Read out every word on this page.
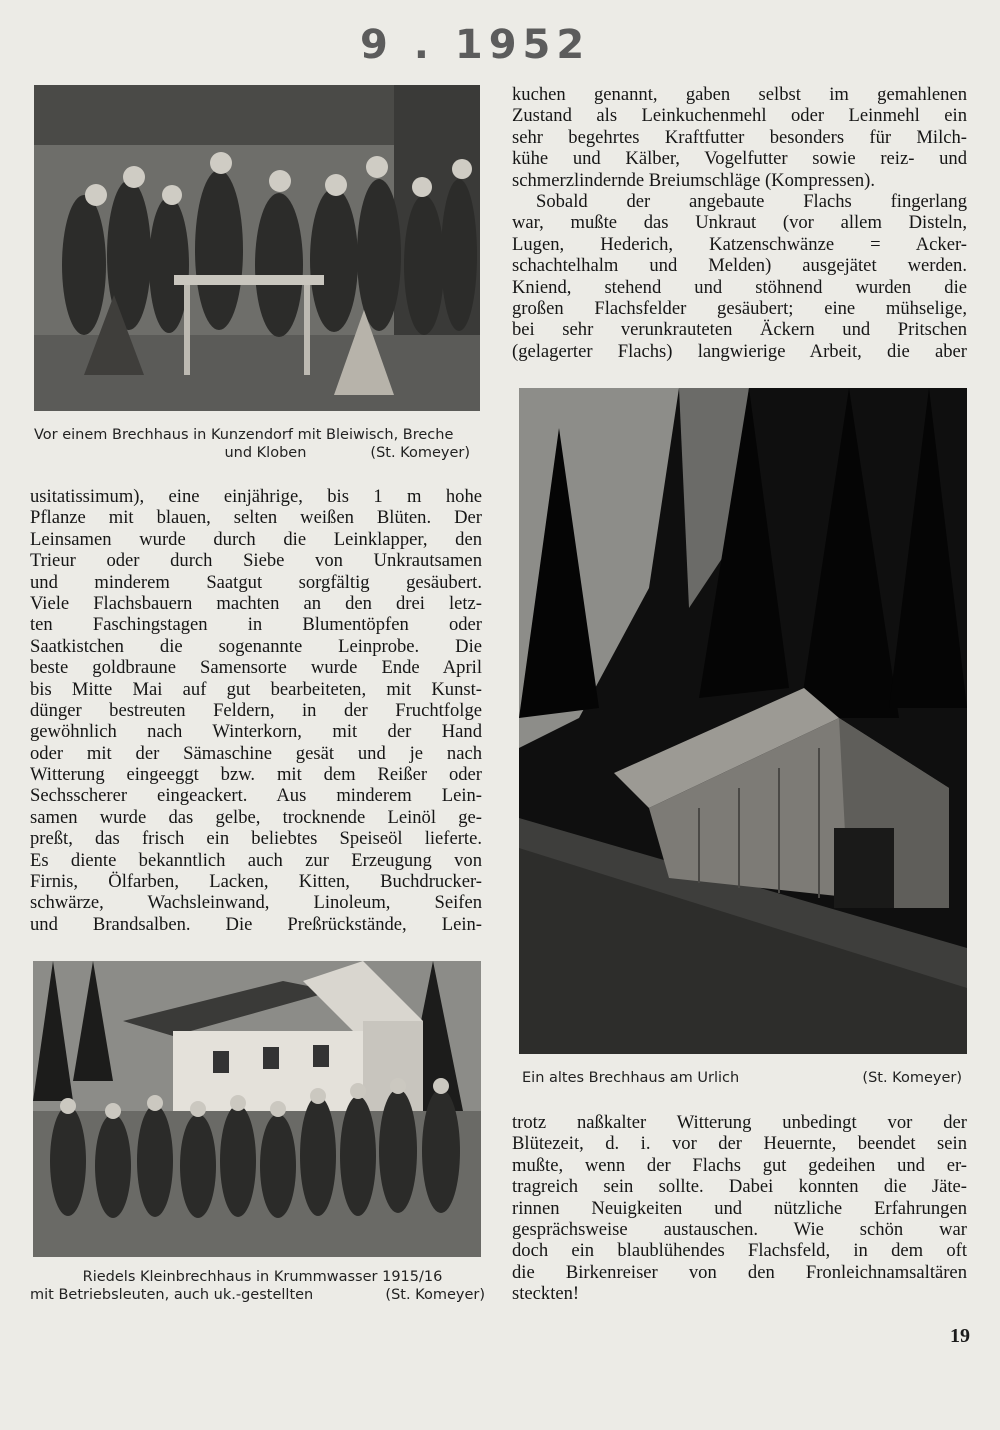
9 . 1952
Vor einem Brechhaus in Kunzendorf mit Bleiwisch, Breche
und Kloben	(St. Komeyer)
kuchen genannt, gaben selbst im gemahlenen
Zustand als Leinkuchenmehl oder Leinmehl ein
sehr begehrtes Kraftfutter besonders für Milch-
kühe und Kälber, Vogelfutter sowie reiz- und
schmerzlindernde Breiumschläge (Kompressen).
Sobald der angebaute Flachs fingerlang
war, mußte das Unkraut (vor allem Disteln,
Lugen, Hederich, Katzenschwänze = Acker-
schachtelhalm und Melden) ausgejätet werden.
Kniend, stehend und stöhnend wurden die
großen Flachsfelder gesäubert; eine mühselige,
bei sehr verunkrauteten Äckern und Pritschen
(gelagerter Flachs) langwierige Arbeit, die aber
Ein altes Brechhaus am Urlich	(St. Komeyer)
usitatissimum), eine einjährige, bis 1 m hohe
Pflanze mit blauen, selten weißen Blüten. Der
Leinsamen wurde durch die Leinklapper, den
Trieur oder durch Siebe von Unkrautsamen
und minderem Saatgut sorgfältig gesäubert.
Viele Flachsbauern machten an den drei letz-
ten Faschingstagen in Blumentöpfen oder
Saatkistchen die sogenannte Leinprobe. Die
beste goldbraune Samensorte wurde Ende April
bis Mitte Mai auf gut bearbeiteten, mit Kunst-
dünger bestreuten Feldern, in der Fruchtfolge
gewöhnlich nach Winterkorn, mit der Hand
oder mit der Sämaschine gesät und je nach
Witterung eingeeggt bzw. mit dem Reißer oder
Sechsscherer eingeackert. Aus minderem Lein-
samen wurde das gelbe, trocknende Leinöl ge-
preßt, das frisch ein beliebtes Speiseöl lieferte.
Es diente bekanntlich auch zur Erzeugung von
Firnis, Ölfarben, Lacken, Kitten, Buchdrucker-
schwärze, Wachsleinwand, Linoleum, Seifen
und Brandsalben. Die Preßrückstände, Lein-
Riedels Kleinbrechhaus in Krummwasser 1915/16
mit Betriebsleuten, auch uk.-gestellten	(St. Komeyer)
trotz naßkalter Witterung unbedingt vor der
Blütezeit, d. i. vor der Heuernte, beendet sein
mußte, wenn der Flachs gut gedeihen und er-
tragreich sein sollte. Dabei konnten die Jäte-
rinnen Neuigkeiten und nützliche Erfahrungen
gesprächsweise austauschen. Wie schön war
doch ein blaublühendes Flachsfeld, in dem oft
die Birkenreiser von den Fronleichnamsaltären
steckten!
19
